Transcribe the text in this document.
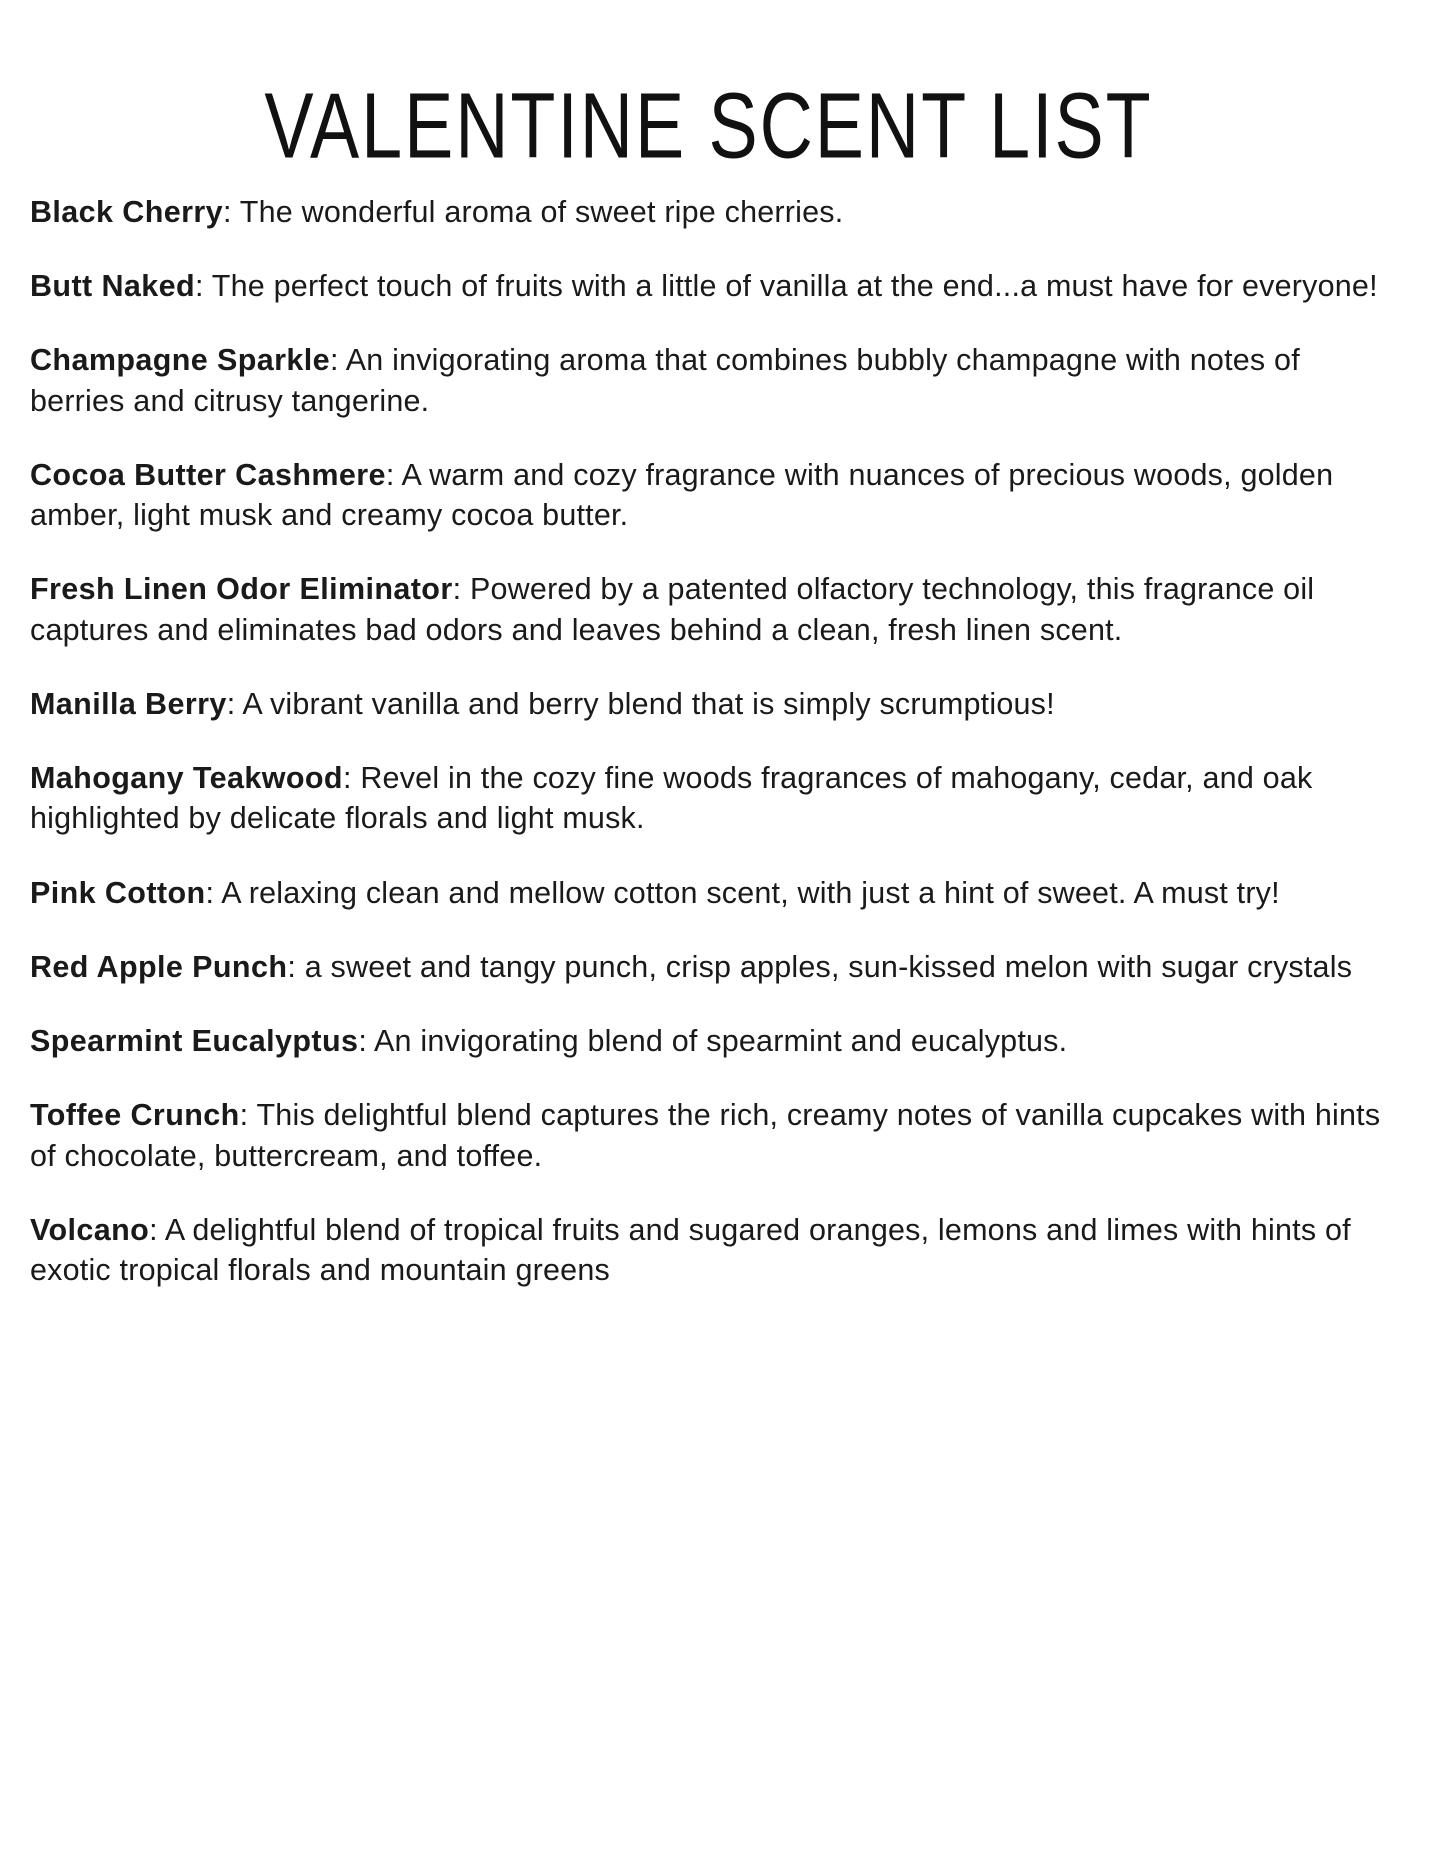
VALENTINE SCENT LIST

Black Cherry: The wonderful aroma of sweet ripe cherries.

Butt Naked: The perfect touch of fruits with a little of vanilla at the end...a must have for everyone!

Champagne Sparkle: An invigorating aroma that combines bubbly champagne with notes of berries and citrusy tangerine.

Cocoa Butter Cashmere: A warm and cozy fragrance with nuances of precious woods, golden amber, light musk and creamy cocoa butter.

Fresh Linen Odor Eliminator: Powered by a patented olfactory technology, this fragrance oil captures and eliminates bad odors and leaves behind a clean, fresh linen scent.

Manilla Berry: A vibrant vanilla and berry blend that is simply scrumptious!

Mahogany Teakwood: Revel in the cozy fine woods fragrances of mahogany, cedar, and oak highlighted by delicate florals and light musk.

Pink Cotton: A relaxing clean and mellow cotton scent, with just a hint of sweet. A must try!

Red Apple Punch: a sweet and tangy punch, crisp apples, sun-kissed melon with sugar crystals

Spearmint Eucalyptus: An invigorating blend of spearmint and eucalyptus.

Toffee Crunch: This delightful blend captures the rich, creamy notes of vanilla cupcakes with hints of chocolate, buttercream, and toffee.

Volcano: A delightful blend of tropical fruits and sugared oranges, lemons and limes with hints of exotic tropical florals and mountain greens
